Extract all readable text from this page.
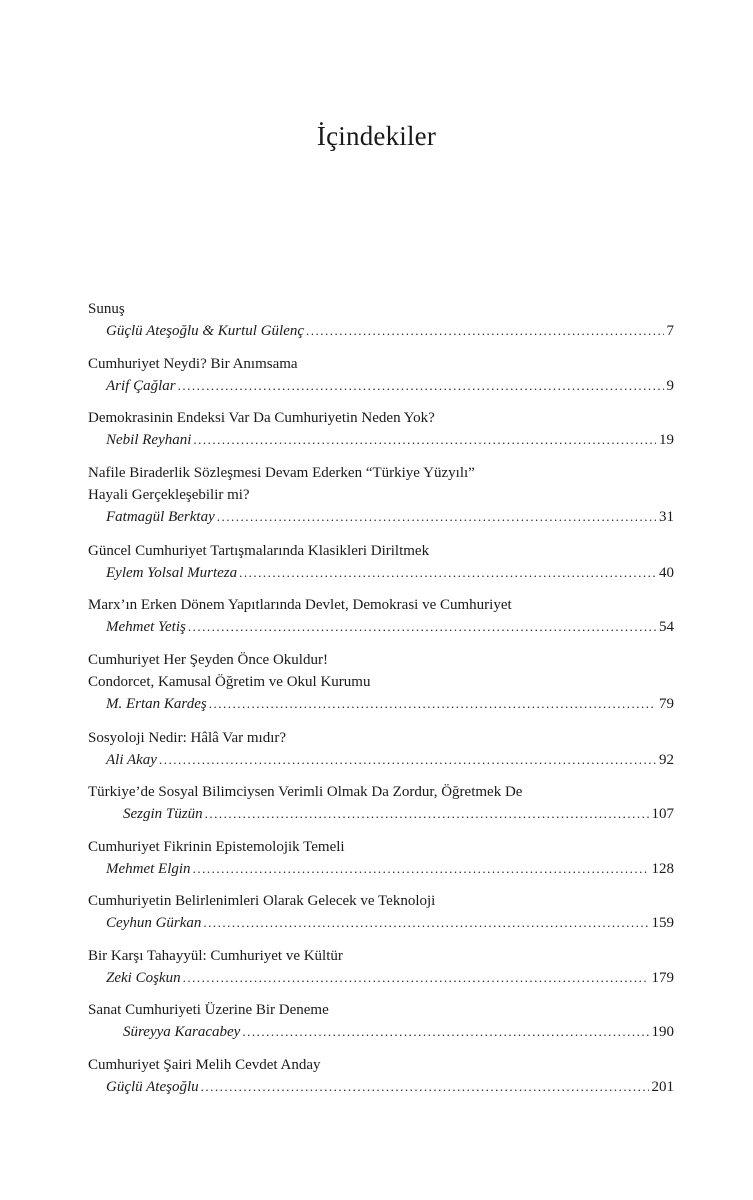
İçindekiler
Sunuş
Güçlü Ateşoğlu & Kurtul Gülenç .....	7
Cumhuriyet Neydi? Bir Anımsama
Arif Çağlar .....	9
Demokrasinin Endeksi Var Da Cumhuriyetin Neden Yok?
Nebil Reyhani .....	19
Nafile Biraderlik Sözleşmesi Devam Ederken “Türkiye Yüzyılı”
Hayali Gerçekleşebilir mi?
Fatmagül Berktay .....	31
Güncel Cumhuriyet Tartışmalarında Klasikleri Diriltmek
Eylem Yolsal Murteza .....	40
Marx’ın Erken Dönem Yapıtlarında Devlet, Demokrasi ve Cumhuriyet
Mehmet Yetiş .....	54
Cumhuriyet Her Şeyden Önce Okuldur!
Condorcet, Kamusal Öğretim ve Okul Kurumu
M. Ertan Kardeş .....	79
Sosyoloji Nedir: Hâlâ Var mıdır?
Ali Akay .....	92
Türkiye’de Sosyal Bilimciysen Verimli Olmak Da Zordur, Öğretmek De
Sezgin Tüzün .....	107
Cumhuriyet Fikrinin Epistemolojik Temeli
Mehmet Elgin .....	128
Cumhuriyetin Belirlenimleri Olarak Gelecek ve Teknoloji
Ceyhun Gürkan .....	159
Bir Karşı Tahayyül: Cumhuriyet ve Kültür
Zeki Coşkun .....	179
Sanat Cumhuriyeti Üzerine Bir Deneme
Süreyya Karacabey .....	190
Cumhuriyet Şairi Melih Cevdet Anday
Güçlü Ateşoğlu .....	201
